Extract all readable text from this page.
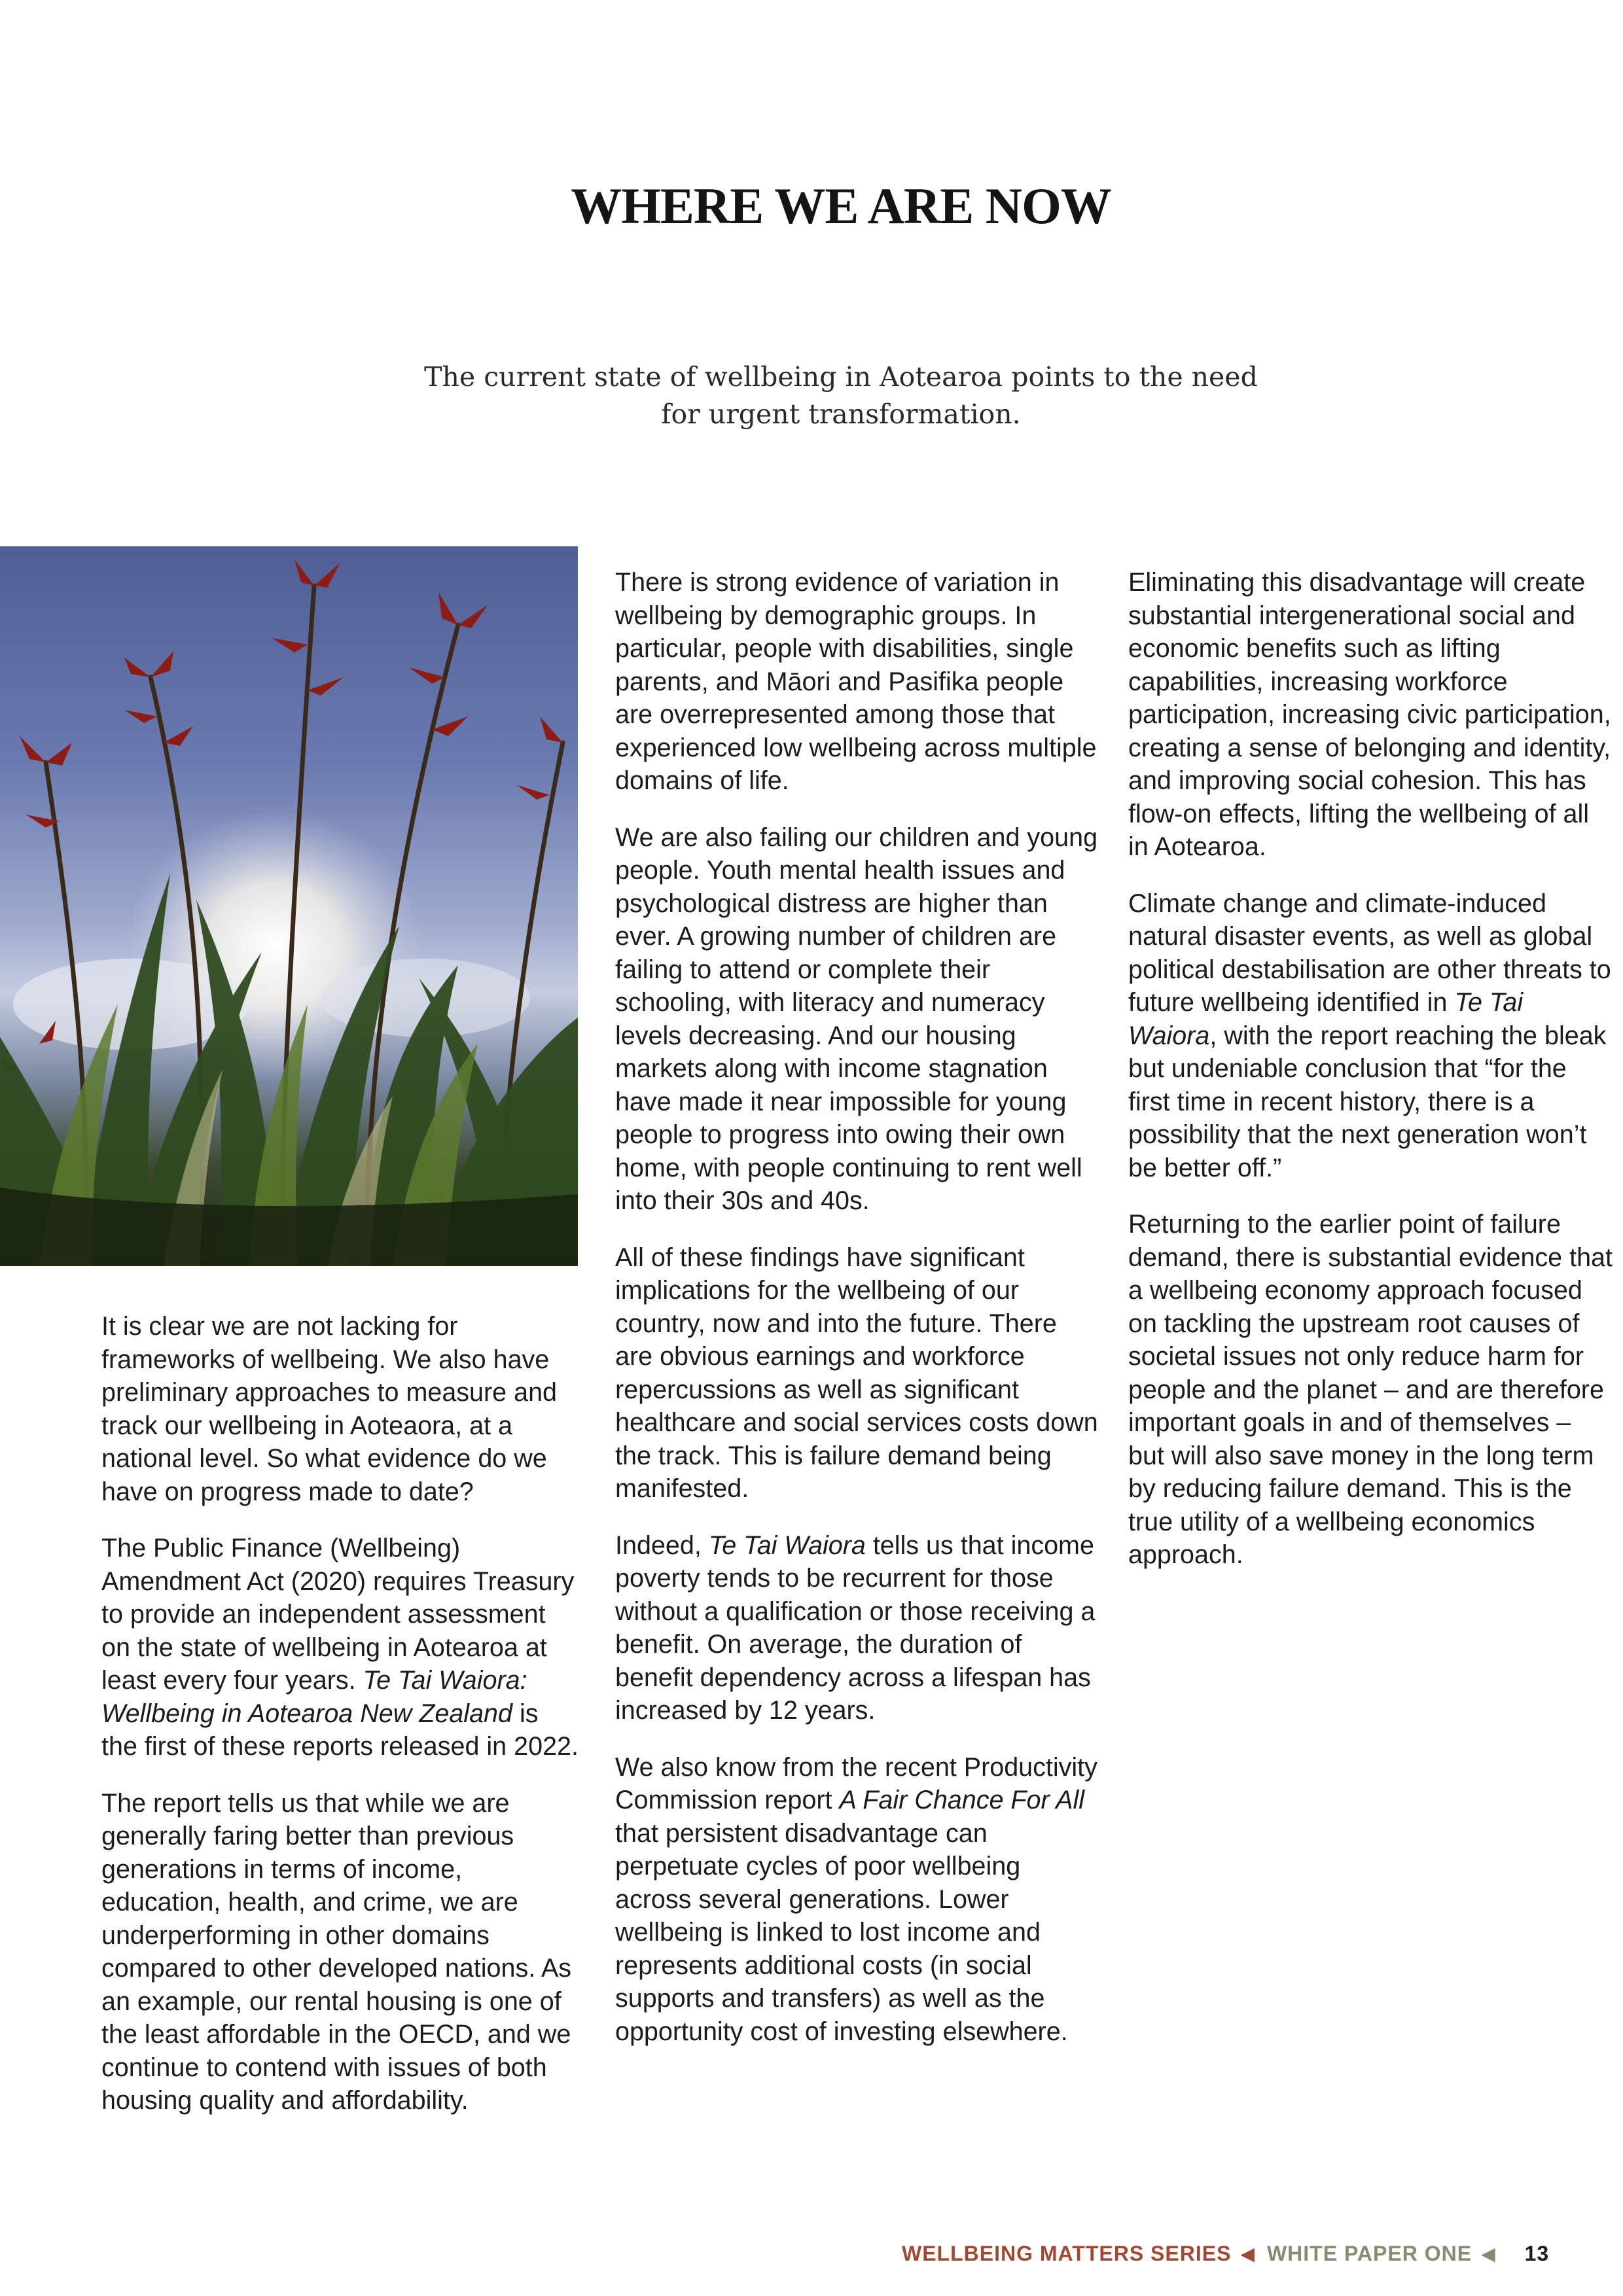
WHERE WE ARE NOW

The current state of wellbeing in Aotearoa points to the need for urgent transformation.

It is clear we are not lacking for frameworks of wellbeing. We also have preliminary approaches to measure and track our wellbeing in Aoteaora, at a national level. So what evidence do we have on progress made to date?

The Public Finance (Wellbeing) Amendment Act (2020) requires Treasury to provide an independent assessment on the state of wellbeing in Aotearoa at least every four years. Te Tai Waiora: Wellbeing in Aotearoa New Zealand is the first of these reports released in 2022.

The report tells us that while we are generally faring better than previous generations in terms of income, education, health, and crime, we are underperforming in other domains compared to other developed nations. As an example, our rental housing is one of the least affordable in the OECD, and we continue to contend with issues of both housing quality and affordability.

There is strong evidence of variation in wellbeing by demographic groups. In particular, people with disabilities, single parents, and Māori and Pasifika people are overrepresented among those that experienced low wellbeing across multiple domains of life.

We are also failing our children and young people. Youth mental health issues and psychological distress are higher than ever. A growing number of children are failing to attend or complete their schooling, with literacy and numeracy levels decreasing. And our housing markets along with income stagnation have made it near impossible for young people to progress into owing their own home, with people continuing to rent well into their 30s and 40s.

All of these findings have significant implications for the wellbeing of our country, now and into the future. There are obvious earnings and workforce repercussions as well as significant healthcare and social services costs down the track. This is failure demand being manifested.

Indeed, Te Tai Waiora tells us that income poverty tends to be recurrent for those without a qualification or those receiving a benefit. On average, the duration of benefit dependency across a lifespan has increased by 12 years.

We also know from the recent Productivity Commission report A Fair Chance For All that persistent disadvantage can perpetuate cycles of poor wellbeing across several generations. Lower wellbeing is linked to lost income and represents additional costs (in social supports and transfers) as well as the opportunity cost of investing elsewhere.

Eliminating this disadvantage will create substantial intergenerational social and economic benefits such as lifting capabilities, increasing workforce participation, increasing civic participation, creating a sense of belonging and identity, and improving social cohesion. This has flow-on effects, lifting the wellbeing of all in Aotearoa.

Climate change and climate-induced natural disaster events, as well as global political destabilisation are other threats to future wellbeing identified in Te Tai Waiora, with the report reaching the bleak but undeniable conclusion that “for the first time in recent history, there is a possibility that the next generation won’t be better off.”

Returning to the earlier point of failure demand, there is substantial evidence that a wellbeing economy approach focused on tackling the upstream root causes of societal issues not only reduce harm for people and the planet – and are therefore important goals in and of themselves – but will also save money in the long term by reducing failure demand. This is the true utility of a wellbeing economics approach.

WELLBEING MATTERS SERIES ◀ WHITE PAPER ONE ◀ 13
